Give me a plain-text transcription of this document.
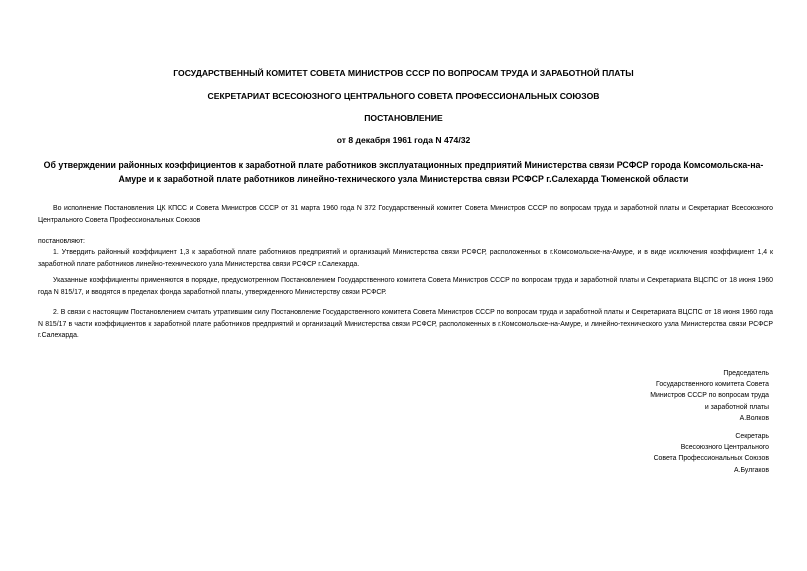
ГОСУДАРСТВЕННЫЙ КОМИТЕТ СОВЕТА МИНИСТРОВ СССР ПО ВОПРОСАМ ТРУДА И ЗАРАБОТНОЙ ПЛАТЫ
СЕКРЕТАРИАТ ВСЕСОЮЗНОГО ЦЕНТРАЛЬНОГО СОВЕТА ПРОФЕССИОНАЛЬНЫХ СОЮЗОВ
ПОСТАНОВЛЕНИЕ
от 8 декабря 1961 года N 474/32
Об утверждении районных коэффициентов к заработной плате работников эксплуатационных предприятий Министерства связи РСФСР города Комсомольска-на-Амуре и к заработной плате работников линейно-технического узла Министерства связи РСФСР г.Салехарда Тюменской области
Во исполнение Постановления ЦК КПСС и Совета Министров СССР от 31 марта 1960 года N 372 Государственный комитет Совета Министров СССР по вопросам труда и заработной платы и Секретариат Всесоюзного Центрального Совета Профессиональных Союзов
постановляют:
1. Утвердить районный коэффициент 1,3 к заработной плате работников предприятий и организаций Министерства связи РСФСР, расположенных в г.Комсомольске-на-Амуре, и в виде исключения коэффициент 1,4 к заработной плате работников линейно-технического узла Министерства связи РСФСР г.Салехарда.
Указанные коэффициенты применяются в порядке, предусмотренном Постановлением Государственного комитета Совета Министров СССР по вопросам труда и заработной платы и Секретариата ВЦСПС от 18 июня 1960 года N 815/17, и вводятся в пределах фонда заработной платы, утвержденного Министерству связи РСФСР.
2. В связи с настоящим Постановлением считать утратившим силу Постановление Государственного комитета Совета Министров СССР по вопросам труда и заработной платы и Секретариата ВЦСПС от 18 июня 1960 года N 815/17 в части коэффициентов к заработной плате работников предприятий и организаций Министерства связи РСФСР, расположенных в г.Комсомольске-на-Амуре, и линейно-технического узла Министерства связи РСФСР г.Салехарда.
Председатель
Государственного комитета Совета
Министров СССР по вопросам труда
и заработной платы
А.Волков
Секретарь
Всесоюзного Центрального
Совета Профессиональных Союзов
А.Булгаков
